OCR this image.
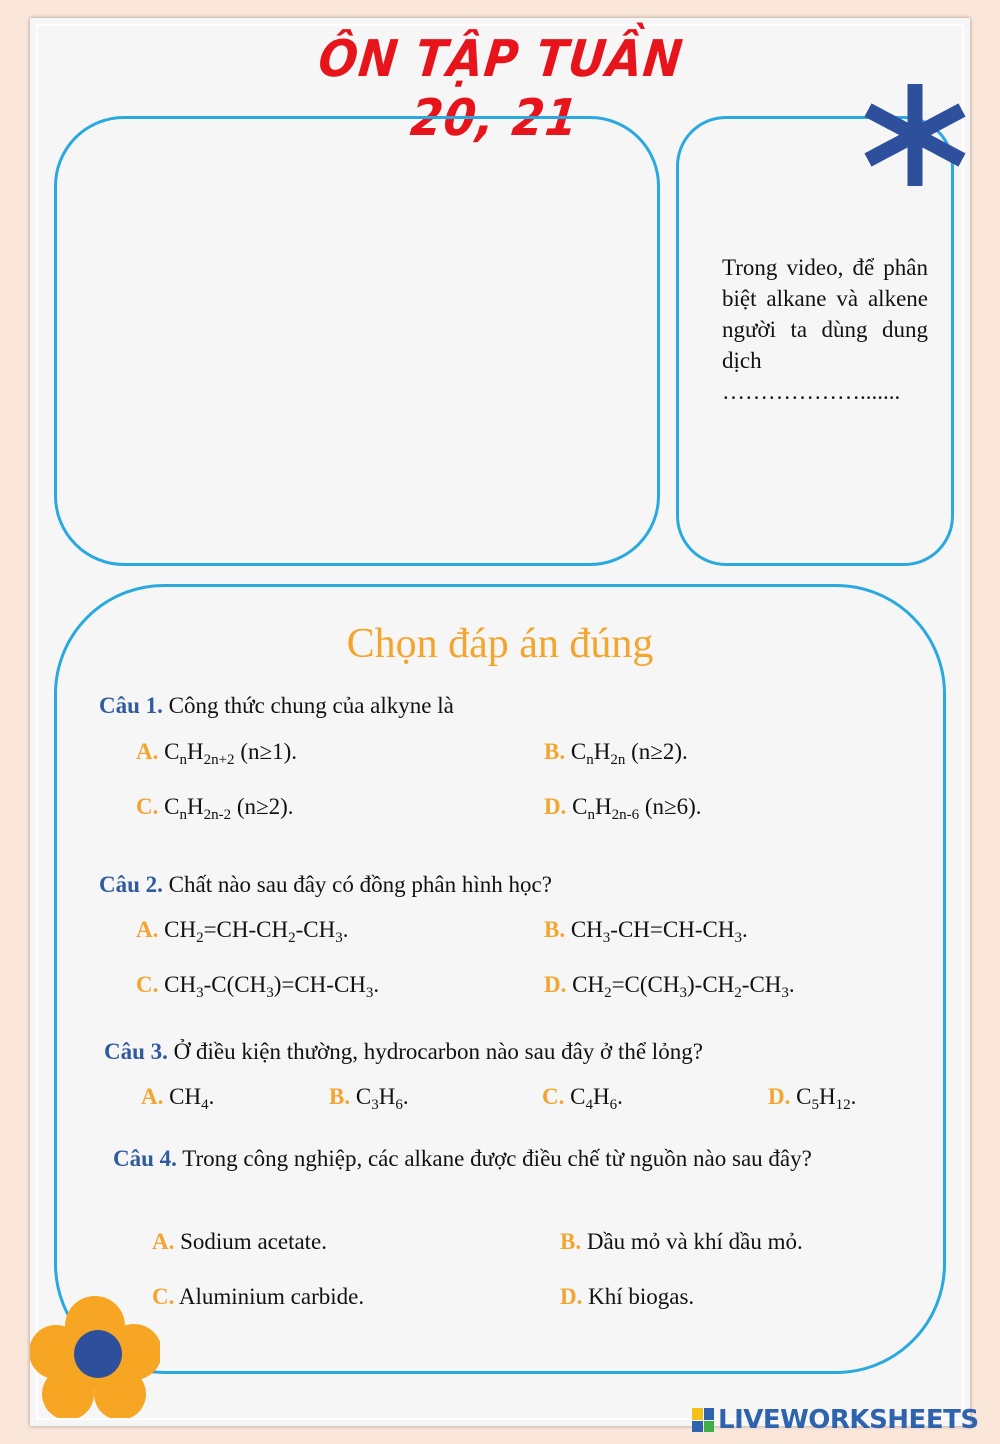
ÔN TẬP TUẦN 20, 21
Trong video, để phân biệt alkane và alkene người ta dùng dung dịch
……………….......
Chọn đáp án đúng
Câu 1. Công thức chung của alkyne là
A. $C_nH_{2n+2}$ (n≥1).	B. $C_nH_{2n}$ (n≥2).
C. $C_nH_{2n-2}$ (n≥2).	D. $C_nH_{2n-6}$ (n≥6).
Câu 2. Chất nào sau đây có đồng phân hình học?
A. $CH_2=CH-CH_2-CH_3$.	B. $CH_3-CH=CH-CH_3$.
C. $CH_3-C(CH_3)=CH-CH_3$.	D. $CH_2=C(CH_3)-CH_2-CH_3$.
Câu 3. Ở điều kiện thường, hydrocarbon nào sau đây ở thể lỏng?
A. $CH_4$.	B. $C_3H_6$.	C. $C_4H_6$.	D. $C_5H_{12}$.
Câu 4. Trong công nghiệp, các alkane được điều chế từ nguồn nào sau đây?
A. Sodium acetate.	B. Dầu mỏ và khí dầu mỏ.
C. Aluminium carbide.	D. Khí biogas.
LIVEWORKSHEETS
